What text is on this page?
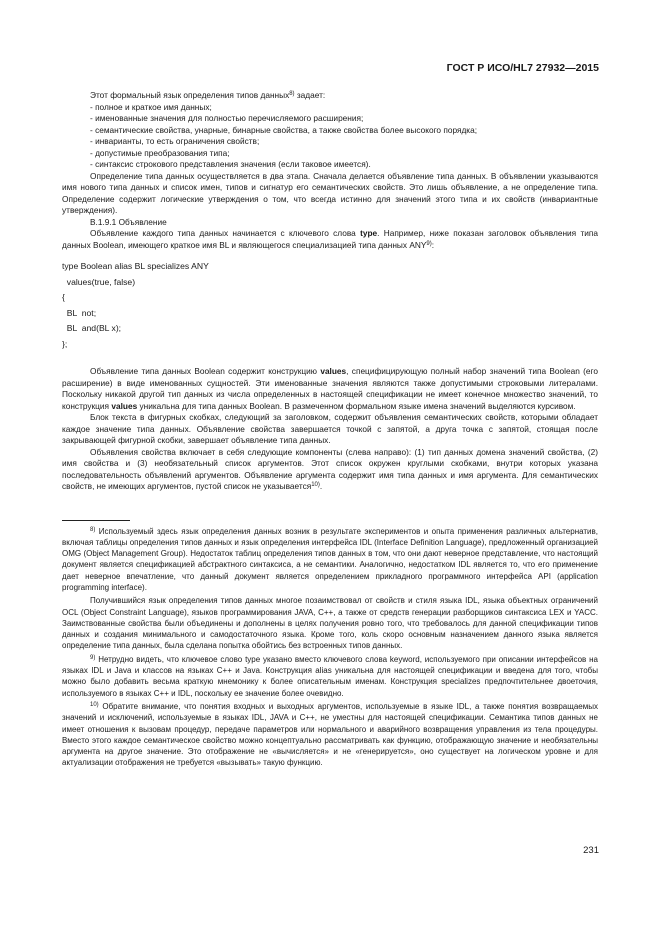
ГОСТ Р ИСО/HL7 27932—2015

Этот формальный язык определения типов данных$^{8)}$ задает:

- полное и краткое имя данных;
- именованные значения для полностью перечисляемого расширения;
- семантические свойства, унарные, бинарные свойства, а также свойства более высокого порядка;
- инварианты, то есть ограничения свойств;
- допустимые преобразования типа;
- синтаксис строкового представления значения (если таковое имеется).

Определение типа данных осуществляется в два этапа. Сначала делается объявление типа данных. В объявлении указываются имя нового типа данных и список имен, типов и сигнатур его семантических свойств. Это лишь объявление, а не определение типа. Определение содержит логические утверждения о том, что всегда истинно для значений этого типа и их свойств (инвариантные утверждения).

В.1.9.1 Объявление

Объявление каждого типа данных начинается с ключевого слова type. Например, ниже показан заголовок объявления типа данных Boolean, имеющего краткое имя BL и являющегося специализацией типа данных ANY$^{9)}$:

type Boolean alias BL specializes ANY
values(true, false)
{
BL  not;
BL  and(BL x);
};

Объявление типа данных Boolean содержит конструкцию values, специфицирующую полный набор значений типа Boolean (его расширение) в виде именованных сущностей. Эти именованные значения являются также допустимыми строковыми литералами. Поскольку никакой другой тип данных из числа определенных в настоящей спецификации не имеет конечное множество значений, то конструкция values уникальна для типа данных Boolean. В размеченном формальном языке имена значений выделяются курсивом.

Блок текста в фигурных скобках, следующий за заголовком, содержит объявления семантических свойств, которыми обладает каждое значение типа данных. Объявление свойства завершается точкой с запятой, а друга точка с запятой, стоящая после закрывающей фигурной скобки, завершает объявление типа данных.

Объявления свойства включает в себя следующие компоненты (слева направо): (1) тип данных домена значений свойства, (2) имя свойства и (3) необязательный список аргументов. Этот список окружен круглыми скобками, внутри которых указана последовательность объявлений аргументов. Объявление аргумента содержит имя типа данных и имя аргумента. Для семантических свойств, не имеющих аргументов, пустой список не указывается$^{10)}$.

$^{8)}$ Используемый здесь язык определения данных возник в результате экспериментов и опыта применения различных альтернатив, включая таблицы определения типов данных и язык определения интерфейса IDL (Interface Definition Language), предложенный организацией OMG (Object Management Group). Недостаток таблиц определения типов данных в том, что они дают неверное представление, что настоящий документ является спецификацией абстрактного синтаксиса, а не семантики. Аналогично, недостатком IDL является то, что его применение дает неверное впечатление, что данный документ является определением прикладного программного интерфейса API (application programming interface).

Получившийся язык определения типов данных многое позаимствовал от свойств и стиля языка IDL, языка объектных ограничений OCL (Object Constraint Language), языков программирования JAVA, C++, а также от средств генерации разборщиков синтаксиса LEX и YACC. Заимствованные свойства были объединены и дополнены в целях получения ровно того, что требовалось для данной спецификации типов данных и создания минимального и самодостаточного языка. Кроме того, коль скоро основным назначением данного языка является определение типа данных, была сделана попытка обойтись без встроенных типов данных.

$^{9)}$ Нетрудно видеть, что ключевое слово type указано вместо ключевого слова keyword, используемого при описании интерфейсов на языках IDL и Java и классов на языках C++ и Java. Конструкция alias уникальна для настоящей спецификации и введена для того, чтобы можно было добавить весьма краткую мнемонику к более описательным именам. Конструкция specializes предпочтительнее двоеточия, используемого в языках C++ и IDL, поскольку ее значение более очевидно.

$^{10)}$ Обратите внимание, что понятия входных и выходных аргументов, используемые в языке IDL, а также понятия возвращаемых значений и исключений, используемые в языках IDL, JAVA и C++, не уместны для настоящей спецификации. Семантика типов данных не имеет отношения к вызовам процедур, передаче параметров или нормального и аварийного возвращения управления из тела процедуры. Вместо этого каждое семантическое свойство можно концептуально рассматривать как функцию, отображающую значение и необязательны аргумента на другое значение. Это отображение не «вычисляется» и не «генерируется», оно существует на логическом уровне и для актуализации отображения не требуется «вызывать» такую функцию.

231
